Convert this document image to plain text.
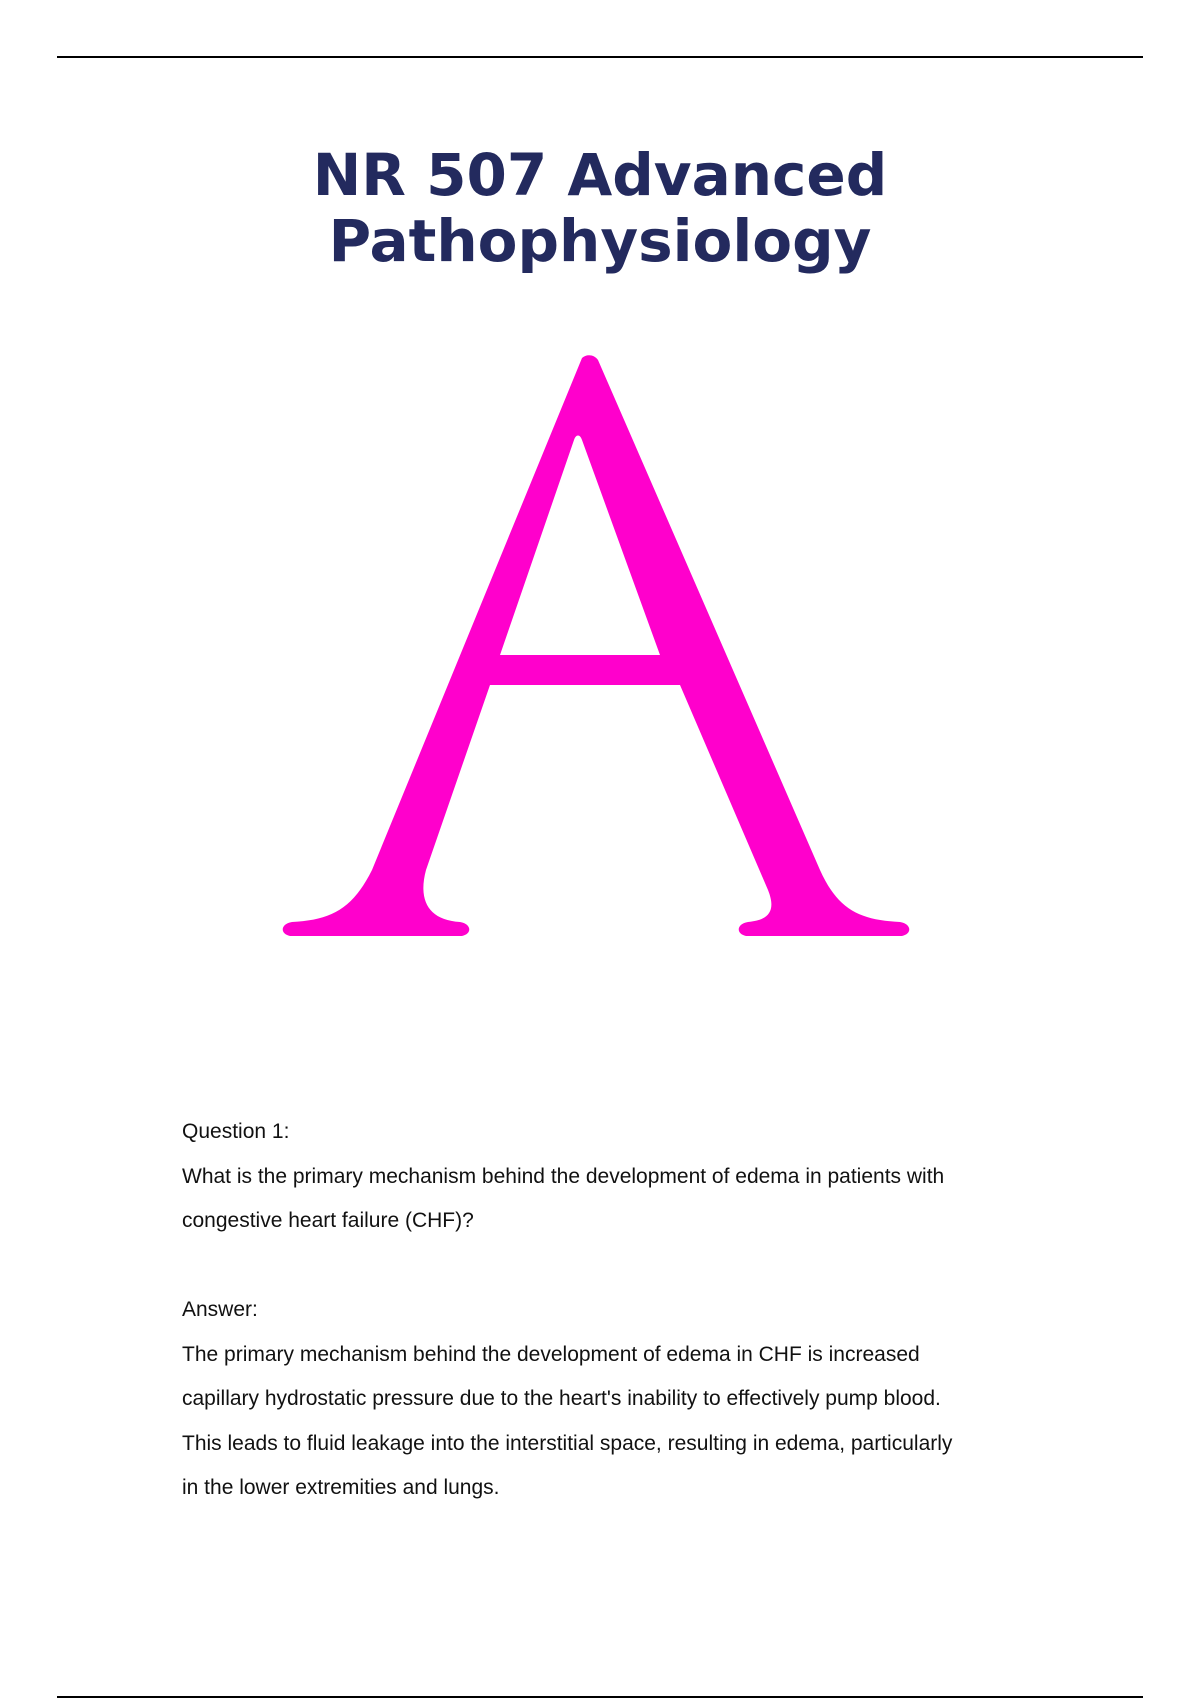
NR 507 Advanced
Pathophysiology

Question 1:

What is the primary mechanism behind the development of edema in patients with

congestive heart failure (CHF)?

Answer:

The primary mechanism behind the development of edema in CHF is increased

capillary hydrostatic pressure due to the heart's inability to effectively pump blood.

This leads to fluid leakage into the interstitial space, resulting in edema, particularly

in the lower extremities and lungs.
